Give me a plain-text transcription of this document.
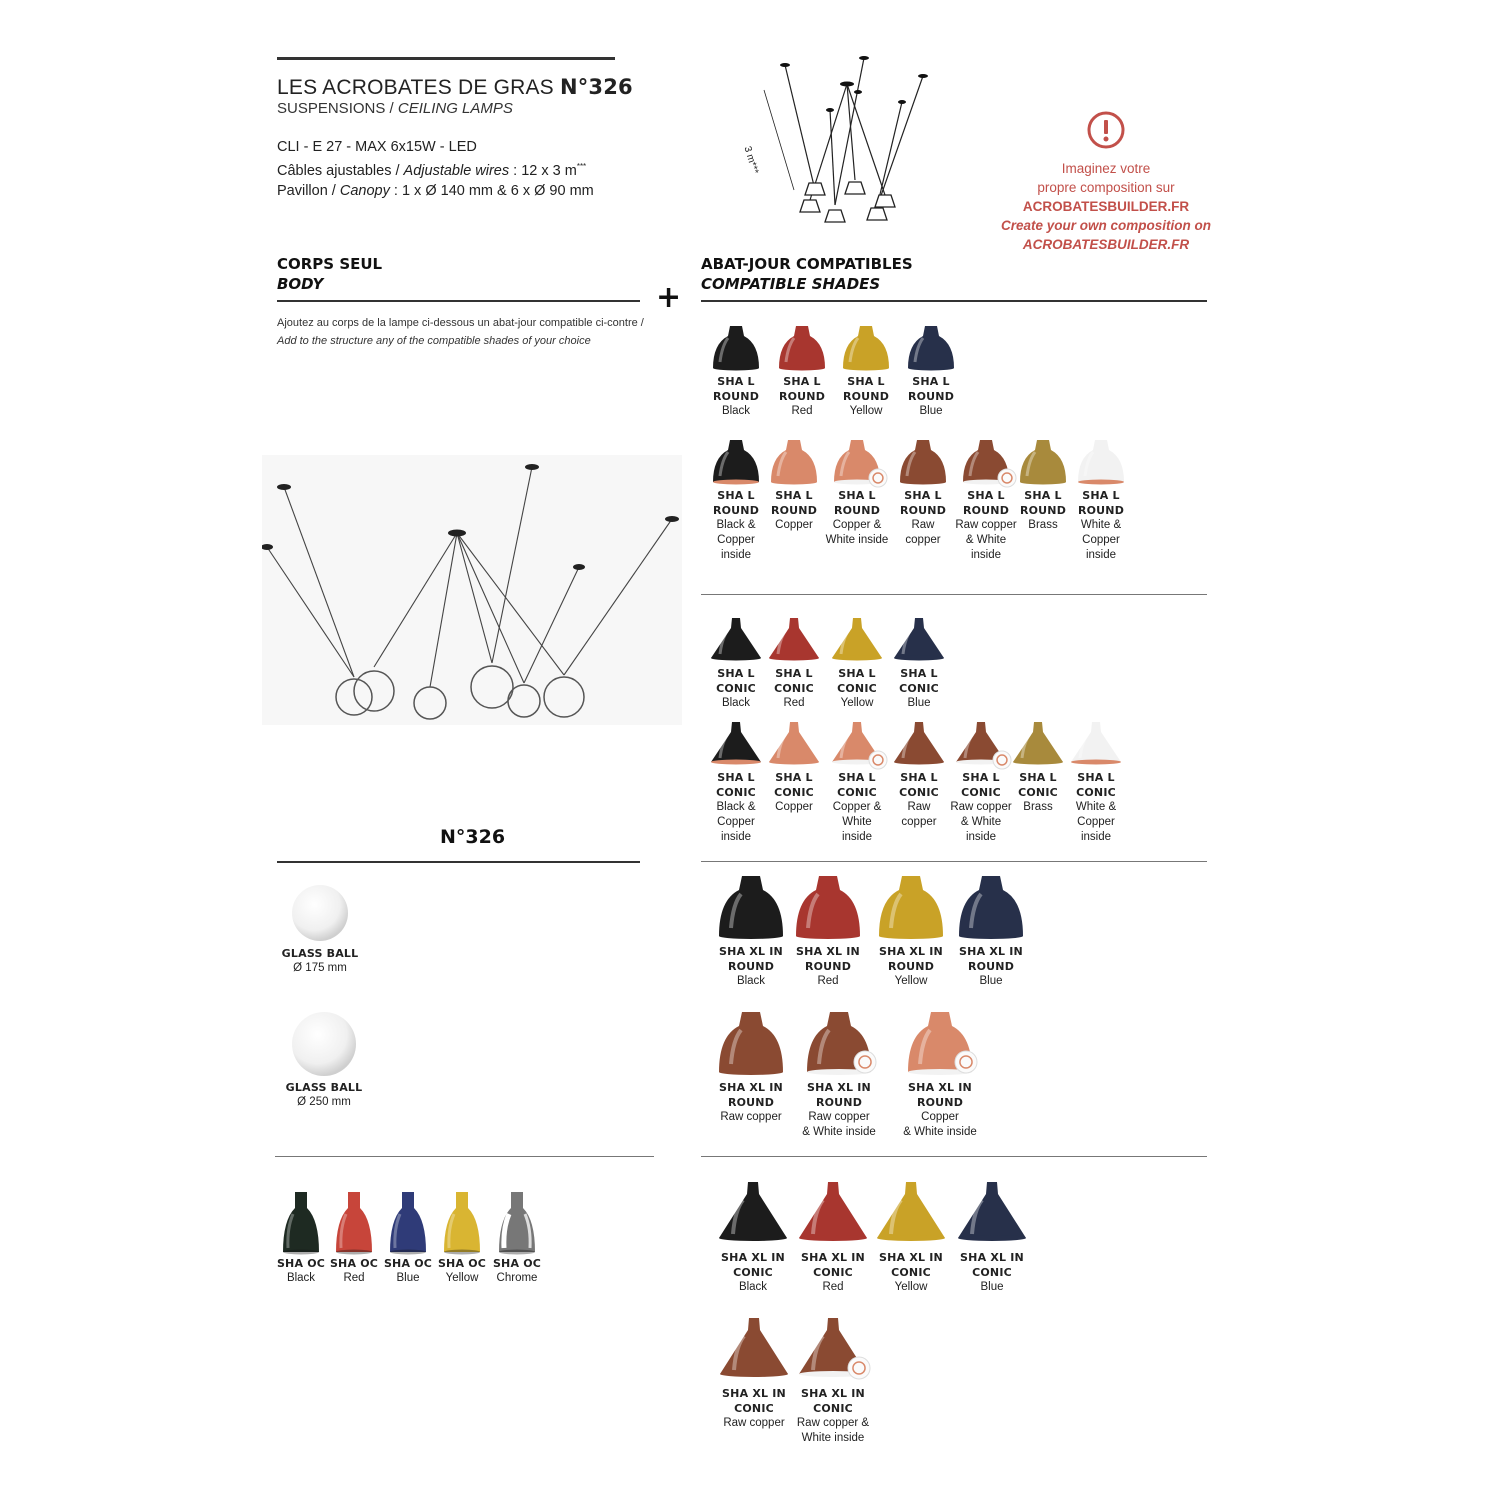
LES ACROBATES DE GRAS N°326
SUSPENSIONS / CEILING LAMPS
CLI - E 27 - MAX 6x15W - LED
Câbles ajustables / Adjustable wires : 12 x 3 m***
Pavillon / Canopy : 1 x Ø 140 mm & 6 x Ø 90 mm
3 m***	Imaginez votre
propre composition sur
ACROBATESBUILDER.FR
Create your own composition on
ACROBATESBUILDER.FR
CORPS SEUL
BODY	+
ABAT-JOUR COMPATIBLES
COMPATIBLE SHADES
Ajoutez au corps de la lampe ci-dessous un abat-jour compatible ci-contre / Add to the structure any of the compatible shades of your choice
N°326
GLASS BALL
Ø 175 mm
GLASS BALL
Ø 250 mm
SHA OC
Black
SHA OC
Red
SHA OC
Blue
SHA OC
Yellow
SHA OC
Chrome
SHA L
ROUND
Black
SHA L
ROUND
Red
SHA L
ROUND
Yellow
SHA L
ROUND
Blue
SHA L
ROUND
Black &
Copper
inside
SHA L
ROUND
Copper
SHA L
ROUND
Copper &
White inside
SHA L
ROUND
Raw
copper
SHA L
ROUND
Raw copper
& White
inside
SHA L
ROUND
Brass
SHA L
ROUND
White &
Copper
inside
SHA L
CONIC
Black
SHA L
CONIC
Red
SHA L
CONIC
Yellow
SHA L
CONIC
Blue
SHA L
CONIC
Black &
Copper
inside
SHA L
CONIC
Copper
SHA L
CONIC
Copper &
White
inside
SHA L
CONIC
Raw
copper
SHA L
CONIC
Raw copper
& White
inside
SHA L
CONIC
Brass
SHA L
CONIC
White &
Copper
inside
SHA XL IN
ROUND
Black
SHA XL IN
ROUND
Red
SHA XL IN
ROUND
Yellow
SHA XL IN
ROUND
Blue
SHA XL IN
ROUND
Raw copper
SHA XL IN
ROUND
Raw copper
& White inside
SHA XL IN
ROUND
Copper
& White inside
SHA XL IN
CONIC
Black
SHA XL IN
CONIC
Red
SHA XL IN
CONIC
Yellow
SHA XL IN
CONIC
Blue
SHA XL IN
CONIC
Raw copper
SHA XL IN
CONIC
Raw copper &
White inside
